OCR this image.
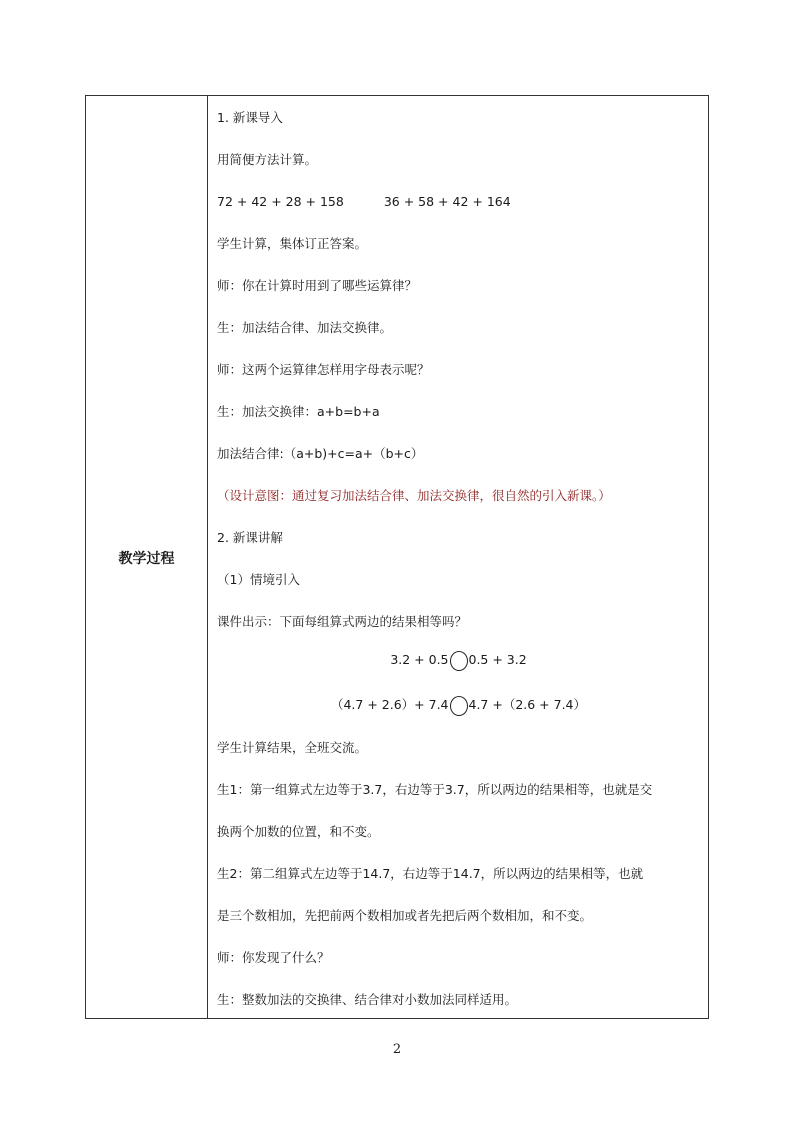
教学过程
1. 新课导入
用简便方法计算。
72 + 42 + 28 + 158	36 + 58 + 42 + 164
学生计算，集体订正答案。
师：你在计算时用到了哪些运算律？
生：加法结合律、加法交换律。
师：这两个运算律怎样用字母表示呢？
生：加法交换律：a+b=b+a
加法结合律:（a+b)+c=a+（b+c）
（设计意图：通过复习加法结合律、加法交换律，很自然的引入新课。）
2. 新课讲解
（1）情境引入
课件出示：下面每组算式两边的结果相等吗？
3.2 + 0.5 0.5 + 3.2
（4.7 + 2.6）+ 7.4 4.7 +（2.6 + 7.4）
学生计算结果，全班交流。
生1：第一组算式左边等于3.7，右边等于3.7，所以两边的结果相等，也就是交
换两个加数的位置，和不变。
生2：第二组算式左边等于14.7，右边等于14.7，所以两边的结果相等，也就
是三个数相加，先把前两个数相加或者先把后两个数相加，和不变。
师：你发现了什么？
生：整数加法的交换律、结合律对小数加法同样适用。
2
